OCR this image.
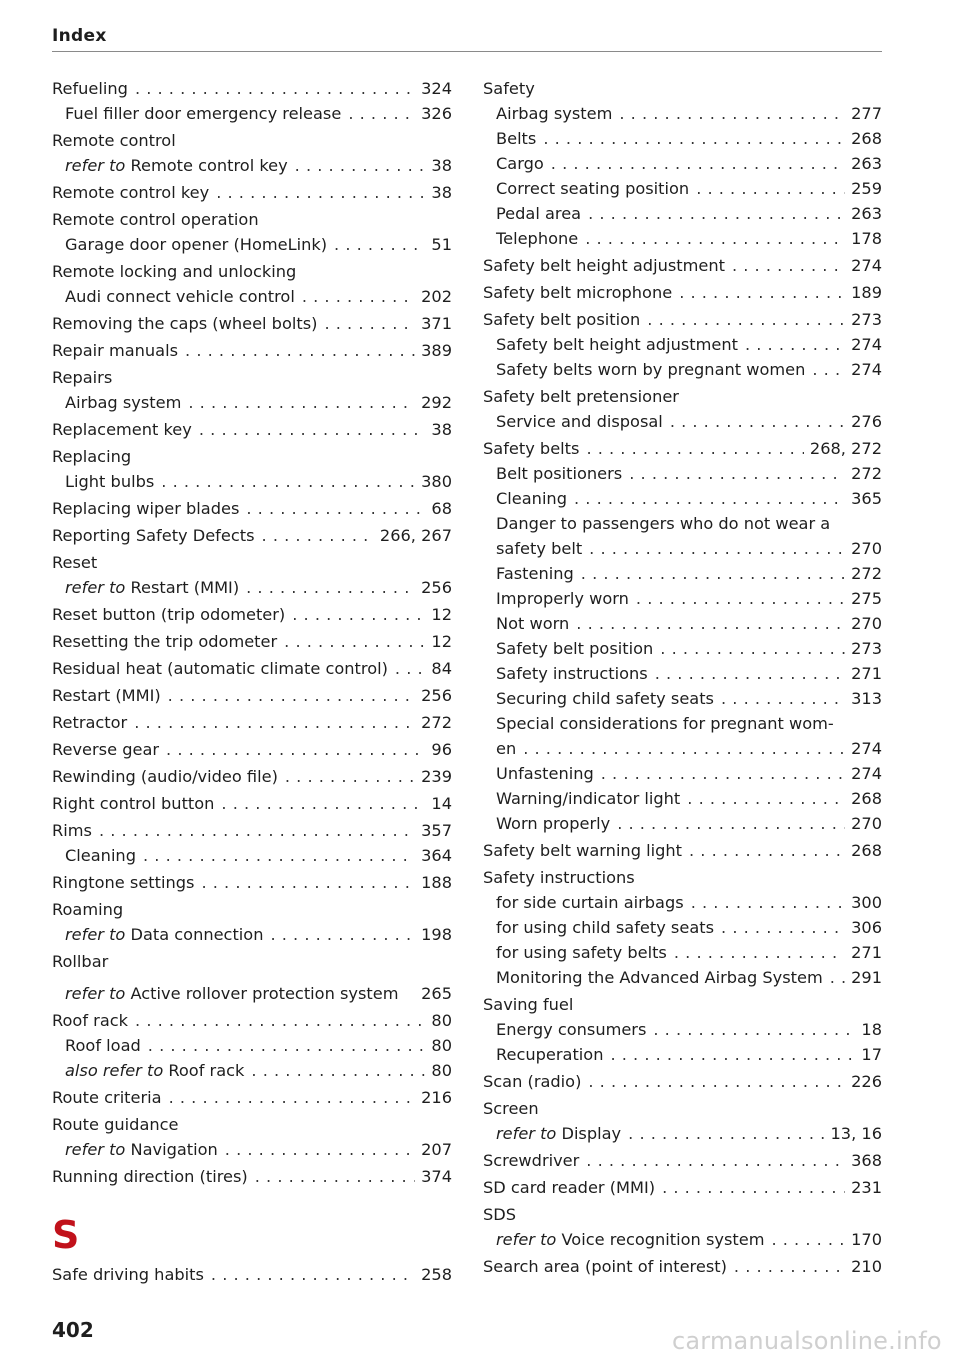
Index
Refueling . . .	324
Fuel filler door emergency release . . .	326
Remote control
refer to Remote control key . . .	38
Remote control key . . .	38
Remote control operation
Garage door opener (HomeLink) . . .	51
Remote locking and unlocking
Audi connect vehicle control . . .	202
Removing the caps (wheel bolts) . . .	371
Repair manuals . . .	389
Repairs
Airbag system . . .	292
Replacement key . . .	38
Replacing
Light bulbs . . .	380
Replacing wiper blades . . .	68
Reporting Safety Defects . . .	266, 267
Reset
refer to Restart (MMI) . . .	256
Reset button (trip odometer) . . .	12
Resetting the trip odometer . . .	12
Residual heat (automatic climate control) . . .	84
Restart (MMI) . . .	256
Retractor . . .	272
Reverse gear . . .	96
Rewinding (audio/video file) . . .	239
Right control button . . .	14
Rims . . .	357
Cleaning . . .	364
Ringtone settings . . .	188
Roaming
refer to Data connection . . .	198
Rollbar
refer to Active rollover protection system 265
Roof rack . . .	80
Roof load . . .	80
also refer to Roof rack . . .	80
Route criteria . . .	216
Route guidance
refer to Navigation . . .	207
Running direction (tires) . . .	374
S
Safe driving habits . . .	258
Safety
Airbag system . . .	277
Belts . . .	268
Cargo . . .	263
Correct seating position . . .	259
Pedal area . . .	263
Telephone . . .	178
Safety belt height adjustment . . .	274
Safety belt microphone . . .	189
Safety belt position . . .	273
Safety belt height adjustment . . .	274
Safety belts worn by pregnant women . . .	274
Safety belt pretensioner
Service and disposal . . .	276
Safety belts . . .	268, 272
Belt positioners . . .	272
Cleaning . . .	365
Danger to passengers who do not wear a
safety belt . . .	270
Fastening . . .	272
Improperly worn . . .	275
Not worn . . .	270
Safety belt position . . .	273
Safety instructions . . .	271
Securing child safety seats . . .	313
Special considerations for pregnant wom-
en . . .	274
Unfastening . . .	274
Warning/indicator light . . .	268
Worn properly . . .	270
Safety belt warning light . . .	268
Safety instructions
for side curtain airbags . . .	300
for using child safety seats . . .	306
for using safety belts . . .	271
Monitoring the Advanced Airbag System . . . 291
Saving fuel
Energy consumers . . .	18
Recuperation . . .	17
Scan (radio) . . .	226
Screen
refer to Display . . .	13, 16
Screwdriver . . .	368
SD card reader (MMI) . . .	231
SDS
refer to Voice recognition system . . .	170
Search area (point of interest) . . .	210
402	carmanualsonline.info
